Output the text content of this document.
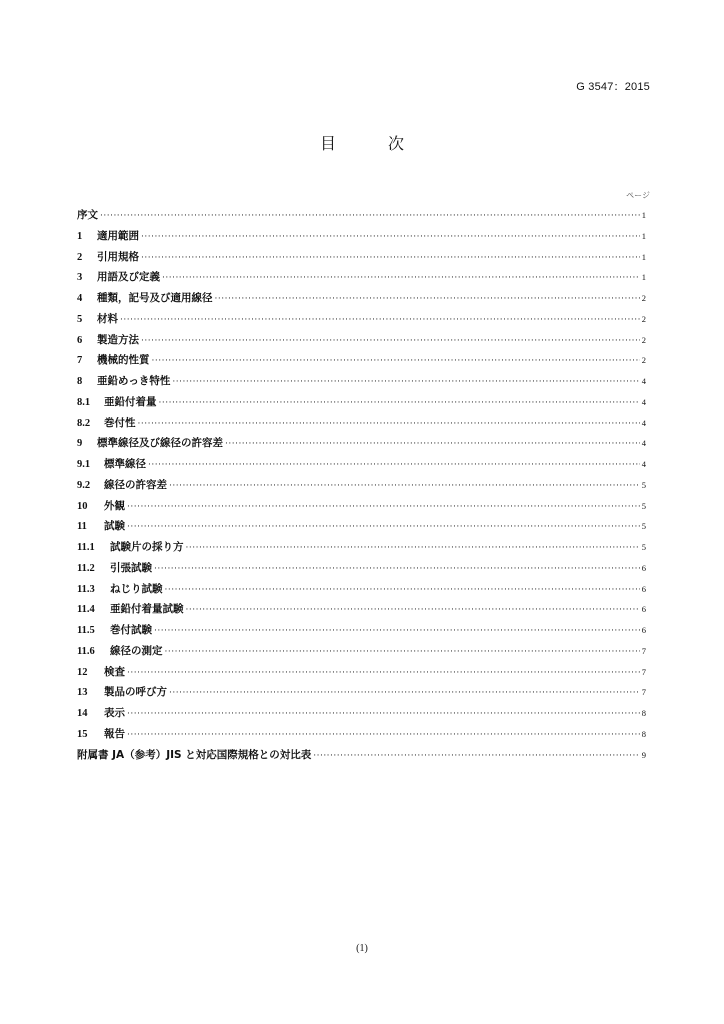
G 3547：2015
目　次
ページ
序文 ·····	1
1	適用範囲 ·····	1
2	引用規格 ·····	1
3	用語及び定義 ·····	1
4	種類，記号及び適用線径 ·····	2
5	材料 ·····	2
6	製造方法 ·····	2
7	機械的性質 ·····	2
8	亜鉛めっき特性 ·····	4
8.1	亜鉛付着量 ·····	4
8.2	巻付性 ·····	4
9	標準線径及び線径の許容差 ·····	4
9.1	標準線径 ·····	4
9.2	線径の許容差 ·····	5
10	外観 ·····	5
11	試験 ·····	5
11.1	試験片の採り方 ·····	5
11.2	引張試験 ·····	6
11.3	ねじり試験 ·····	6
11.4	亜鉛付着量試験 ·····	6
11.5	巻付試験 ·····	6
11.6	線径の測定 ·····	7
12	検査 ·····	7
13	製品の呼び方 ·····	7
14	表示 ·····	8
15	報告 ·····	8
附属書 JA（参考）JIS と対応国際規格との対比表 ·····	9
(1)
